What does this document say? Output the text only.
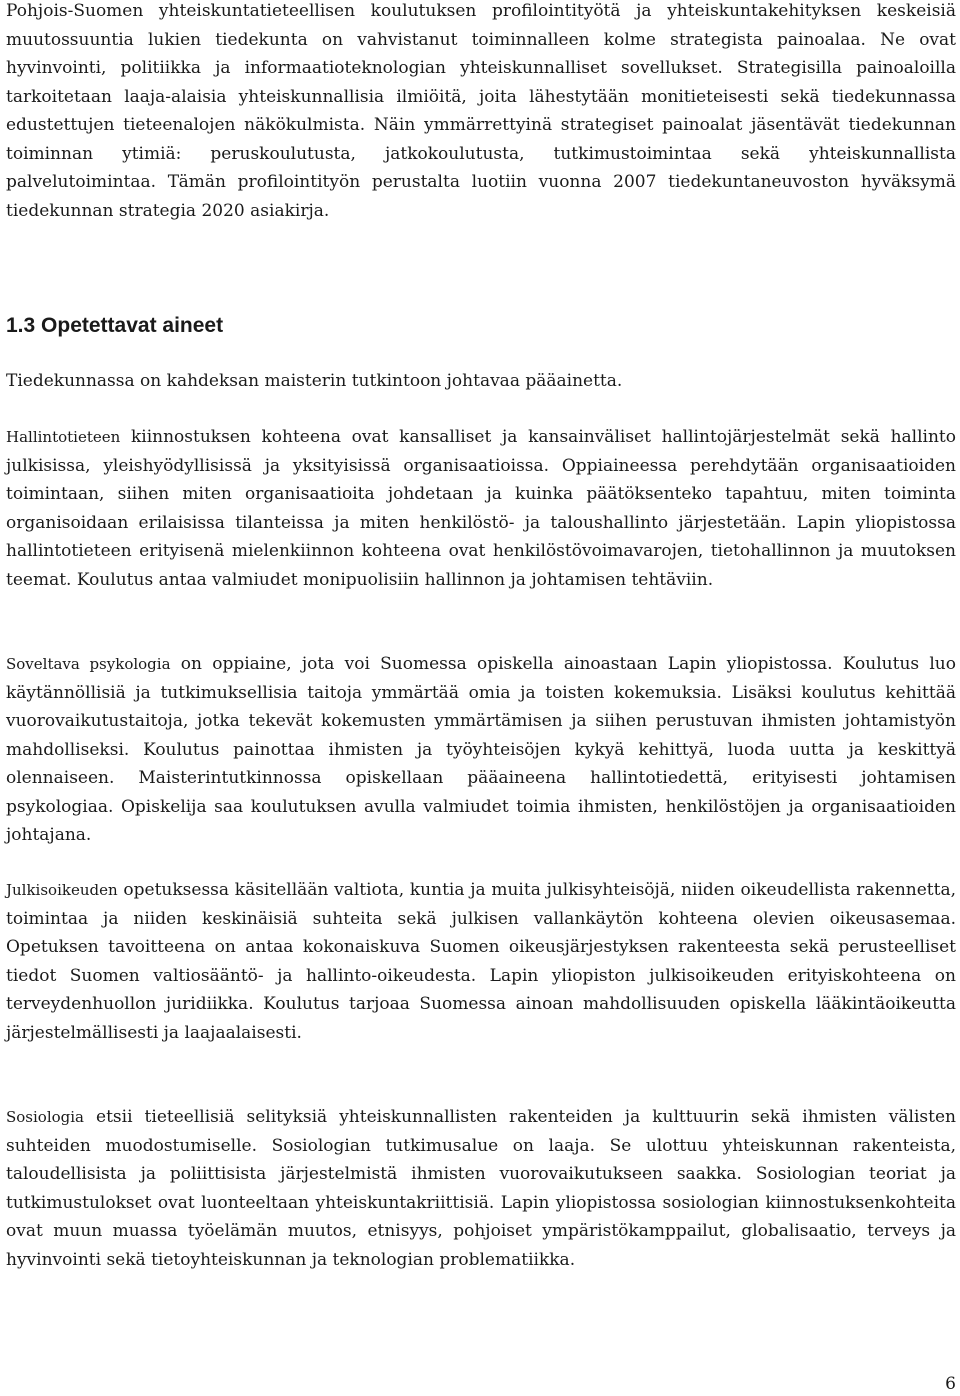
Pohjois-Suomen yhteiskuntatieteellisen koulutuksen profilointityötä ja yhteiskuntakehityksen keskeisiä muutossuuntia lukien tiedekunta on vahvistanut toiminnalleen kolme strategista painoalaa. Ne ovat hyvinvointi, politiikka ja informaatioteknologian yhteiskunnalliset sovellukset. Strategisilla painoaloilla tarkoitetaan laaja-alaisia yhteiskunnallisia ilmiöitä, joita lähestytään monitieteisesti sekä tiedekunnassa edustettujen tieteenalojen näkökulmista. Näin ymmärrettyinä strategiset painoalat jäsentävät tiedekunnan toiminnan ytimiä: peruskoulutusta, jatkokoulutusta, tutkimustoimintaa sekä yhteiskunnallista palvelutoimintaa. Tämän profilointityön perustalta luotiin vuonna 2007 tiedekuntaneuvoston hyväksymä tiedekunnan strategia 2020 asiakirja.

1.3 Opetettavat aineet

Tiedekunnassa on kahdeksan maisterin tutkintoon johtavaa pääainetta.

Hallintotieteen kiinnostuksen kohteena ovat kansalliset ja kansainväliset hallintojärjestelmät sekä hallinto julkisissa, yleishyödyllisissä ja yksityisissä organisaatioissa. Oppiaineessa perehdytään organisaatioiden toimintaan, siihen miten organisaatioita johdetaan ja kuinka päätöksenteko tapahtuu, miten toiminta organisoidaan erilaisissa tilanteissa ja miten henkilöstö- ja taloushallinto järjestetään. Lapin yliopistossa hallintotieteen erityisenä mielenkiinnon kohteena ovat henkilöstövoimavarojen, tietohallinnon ja muutoksen teemat. Koulutus antaa valmiudet monipuolisiin hallinnon ja johtamisen tehtäviin.

Soveltava psykologia on oppiaine, jota voi Suomessa opiskella ainoastaan Lapin yliopistossa. Koulutus luo käytännöllisiä ja tutkimuksellisia taitoja ymmärtää omia ja toisten kokemuksia. Lisäksi koulutus kehittää vuorovaikutustaitoja, jotka tekevät kokemusten ymmärtämisen ja siihen perustuvan ihmisten johtamistyön mahdolliseksi. Koulutus painottaa ihmisten ja työyhteisöjen kykyä kehittyä, luoda uutta ja keskittyä olennaiseen. Maisterintutkinnossa opiskellaan pääaineena hallintotiedettä, erityisesti johtamisen psykologiaa. Opiskelija saa koulutuksen avulla valmiudet toimia ihmisten, henkilöstöjen ja organisaatioiden johtajana.

Julkisoikeuden opetuksessa käsitellään valtiota, kuntia ja muita julkisyhteisöjä, niiden oikeudellista rakennetta, toimintaa ja niiden keskinäisiä suhteita sekä julkisen vallankäytön kohteena olevien oikeusasemaa. Opetuksen tavoitteena on antaa kokonaiskuva Suomen oikeusjärjestyksen rakenteesta sekä perusteelliset tiedot Suomen valtiosääntö- ja hallinto-oikeudesta. Lapin yliopiston julkisoikeuden erityiskohteena on terveydenhuollon juridiikka. Koulutus tarjoaa Suomessa ainoan mahdollisuuden opiskella lääkintäoikeutta järjestelmällisesti ja laajaalaisesti.

Sosiologia etsii tieteellisiä selityksiä yhteiskunnallisten rakenteiden ja kulttuurin sekä ihmisten välisten suhteiden muodostumiselle. Sosiologian tutkimusalue on laaja. Se ulottuu yhteiskunnan rakenteista, taloudellisista ja poliittisista järjestelmistä ihmisten vuorovaikutukseen saakka. Sosiologian teoriat ja tutkimustulokset ovat luonteeltaan yhteiskuntakriittisiä. Lapin yliopistossa sosiologian kiinnostuksenkohteita ovat muun muassa työelämän muutos, etnisyys, pohjoiset ympäristökamppailut, globalisaatio, terveys ja hyvinvointi sekä tietoyhteiskunnan ja teknologian problematiikka.

6
